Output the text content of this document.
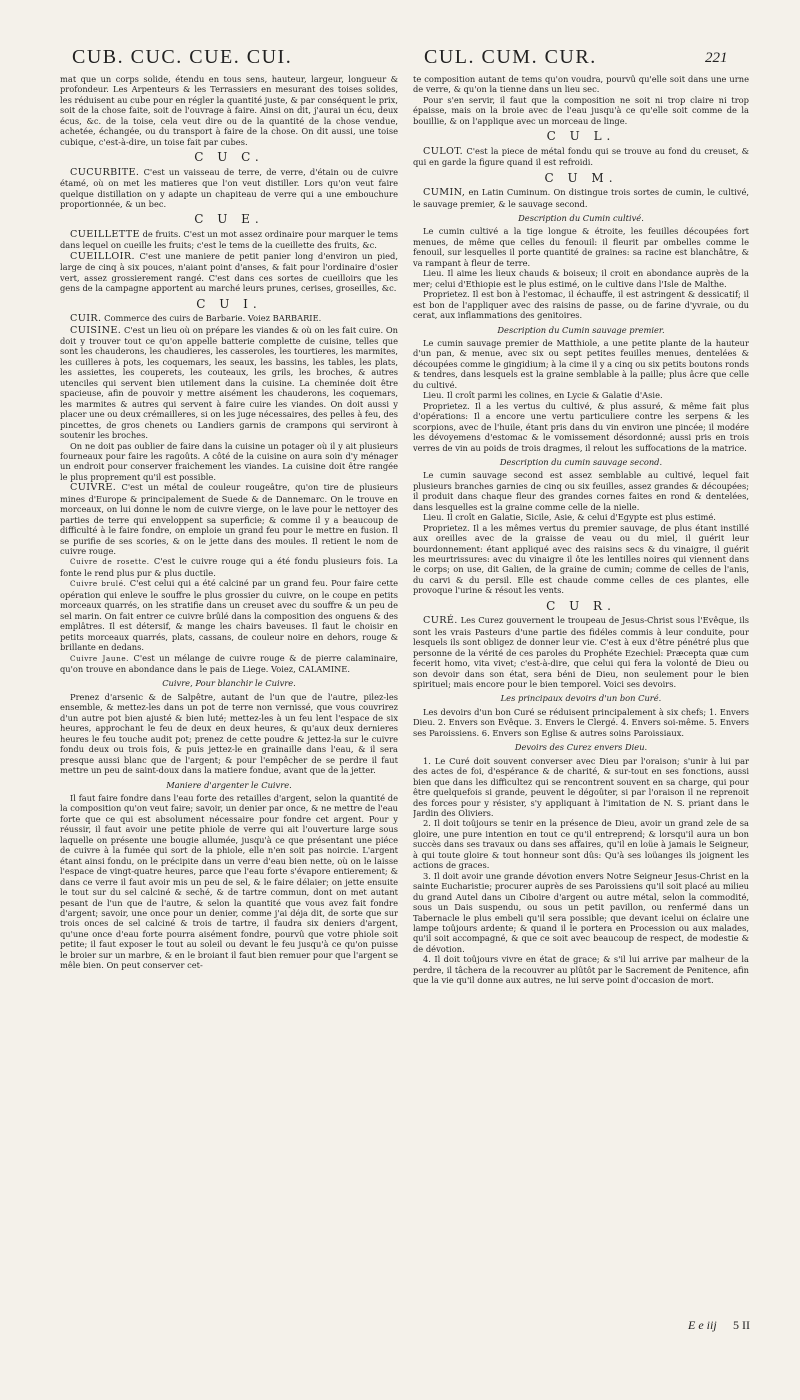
CUB. CUC. CUE. CUI.	CUL. CUM. CUR.	221

mat que un corps solide, étendu en tous sens, hauteur, largeur, longueur & profondeur. Les Arpenteurs & les Terrassiers en mesurant des toises solides, les réduisent au cube pour en régler la quantité juste, & par conséquent le prix, soit de la chose faite, soit de l'ouvrage à faire. Ainsi on dit, j'aurai un écu, deux écus, &c. de la toise, cela veut dire ou de la quantité de la chose vendue, achetée, échangée, ou du transport à faire de la chose. On dit aussi, une toise cubique, c'est-à-dire, un toise fait par cubes.

C U C.

CUCURBITE. C'est un vaisseau de terre, de verre, d'étain ou de cuivre étamé, où on met les matieres que l'on veut distiller. Lors qu'on veut faire quelque distillation on y adapte un chapiteau de verre qui a une embouchure proportionnée, & un bec.

C U E.

CUEILLETTE de fruits. C'est un mot assez ordinaire pour marquer le tems dans lequel on cueille les fruits; c'est le tems de la cueillette des fruits, &c.

CUEILLOIR. C'est une maniere de petit panier long d'environ un pied, large de cinq à six pouces, n'aiant point d'anses, & fait pour l'ordinaire d'osier vert, assez grossierement rangé. C'est dans ces sortes de cueilloirs que les gens de la campagne apportent au marché leurs prunes, cerises, groseilles, &c.

C U I.

CUIR. Commerce des cuirs de Barbarie. Voiez BARBARIE.

CUISINE. C'est un lieu où on prépare les viandes & où on les fait cuire. On doit y trouver tout ce qu'on appelle batterie complette de cuisine, telles que sont les chauderons, les chaudieres, les casseroles, les tourtieres, les marmites, les cuilleres à pots, les coquemars, les seaux, les bassins, les tables, les plats, les assiettes, les couperets, les couteaux, les grils, les broches, & autres utenciles qui servent bien utilement dans la cuisine. La cheminée doit être spacieuse, afin de pouvoir y mettre aisément les chauderons, les coquemars, les marmites & autres qui servent à faire cuire les viandes. On doit aussi y placer une ou deux crémailleres, si on les juge nécessaires, des pelles à feu, des pincettes, de gros chenets ou Landiers garnis de crampons qui serviront à soutenir les broches.

On ne doit pas oublier de faire dans la cuisine un potager où il y ait plusieurs fourneaux pour faire les ragoûts. A côté de la cuisine on aura soin d'y ménager un endroit pour conserver fraichement les viandes. La cuisine doit être rangée le plus proprement qu'il est possible.

CUIVRE. C'est un métal de couleur rougeâtre, qu'on tire de plusieurs mines d'Europe & principalement de Suede & de Dannemarc. On le trouve en morceaux, on lui donne le nom de cuivre vierge, on le lave pour le nettoyer des parties de terre qui enveloppent sa superficie; & comme il y a beaucoup de difficulté à le faire fondre, on emploie un grand feu pour le mettre en fusion. Il se purifie de ses scories, & on le jette dans des moules. Il retient le nom de cuivre rouge.

Cuivre de rosette. C'est le cuivre rouge qui a été fondu plusieurs fois. La fonte le rend plus pur & plus ductile.

Cuivre brulé. C'est celui qui a été calciné par un grand feu. Pour faire cette opération qui enleve le souffre le plus grossier du cuivre, on le coupe en petits morceaux quarrés, on les stratifie dans un creuset avec du souffre & un peu de sel marin. On fait entrer ce cuivre brûlé dans la composition des onguens & des emplâtres. Il est détersif, & mange les chairs baveuses. Il faut le choisir en petits morceaux quarrés, plats, cassans, de couleur noire en dehors, rouge & brillante en dedans.

Cuivre Jaune. C'est un mélange de cuivre rouge & de pierre calaminaire, qu'on trouve en abondance dans le pais de Liege. Voiez, CALAMINE.

Cuivre, Pour blanchir le Cuivre.

Prenez d'arsenic & de Salpêtre, autant de l'un que de l'autre, pilez-les ensemble, & mettez-les dans un pot de terre non vernissé, que vous couvrirez d'un autre pot bien ajusté & bien luté; mettez-les à un feu lent l'espace de six heures, approchant le feu de deux en deux heures, & qu'aux deux dernieres heures le feu touche audit pot; prenez de cette poudre & jettez-la sur le cuivre fondu deux ou trois fois, & puis jettez-le en grainaille dans l'eau, & il sera presque aussi blanc que de l'argent; & pour l'empêcher de se perdre il faut mettre un peu de saint-doux dans la matiere fondue, avant que de la jetter.

Maniere d'argenter le Cuivre.

Il faut faire fondre dans l'eau forte des retailles d'argent, selon la quantité de la composition qu'on veut faire; savoir, un denier par once, & ne mettre de l'eau forte que ce qui est absolument nécessaire pour fondre cet argent. Pour y réussir, il faut avoir une petite phiole de verre qui ait l'ouverture large sous laquelle on présente une bougie allumée, jusqu'à ce que présentant une piéce de cuivre à la fumée qui sort de la phiole, elle n'en soit pas noircie. L'argent étant ainsi fondu, on le précipite dans un verre d'eau bien nette, où on le laisse l'espace de vingt-quatre heures, parce que l'eau forte s'évapore entierement; & dans ce verre il faut avoir mis un peu de sel, & le faire délaier; on jette ensuite le tout sur du sel calciné & seché, & de tartre commun, dont on met autant pesant de l'un que de l'autre, & selon la quantité que vous avez fait fondre d'argent; savoir, une once pour un denier, comme j'ai déja dit, de sorte que sur trois onces de sel calciné & trois de tartre, il faudra six deniers d'argent, qu'une once d'eau forte pourra aisément fondre, pourvû que votre phiole soit petite; il faut exposer le tout au soleil ou devant le feu jusqu'à ce qu'on puisse le broier sur un marbre, & en le broiant il faut bien remuer pour que l'argent se mêle bien. On peut conserver cet-

te composition autant de tems qu'on voudra, pourvû qu'elle soit dans une urne de verre, & qu'on la tienne dans un lieu sec.

Pour s'en servir, il faut que la composition ne soit ni trop claire ni trop épaisse, mais on la broie avec de l'eau jusqu'à ce qu'elle soit comme de la bouillie, & on l'applique avec un morceau de linge.

C U L.

CULOT. C'est la piece de métal fondu qui se trouve au fond du creuset, & qui en garde la figure quand il est refroidi.

C U M.

CUMIN, en Latin Cuminum. On distingue trois sortes de cumin, le cultivé, le sauvage premier, & le sauvage second.

Description du Cumin cultivé.

Le cumin cultivé a la tige longue & étroite, les feuilles découpées fort menues, de même que celles du fenouil: il fleurit par ombelles comme le fenouil, sur lesquelles il porte quantité de graines: sa racine est blanchâtre, & va rampant à fleur de terre.

Lieu. Il aime les lieux chauds & boiseux; il croit en abondance auprès de la mer; celui d'Ethiopie est le plus estimé, on le cultive dans l'Isle de Malthe.

Proprietez. Il est bon à l'estomac, il échauffe, il est astringent & dessicatif; il est bon de l'appliquer avec des raisins de passe, ou de farine d'yvraie, ou du cerat, aux inflammations des genitoires.

Description du Cumin sauvage premier.

Le cumin sauvage premier de Matthiole, a une petite plante de la hauteur d'un pan, & menue, avec six ou sept petites feuilles menues, dentelées & découpées comme le gingidium; à la cime il y a cinq ou six petits boutons ronds & tendres, dans lesquels est la graine semblable à la paille; plus âcre que celle du cultivé.

Lieu. Il croît parmi les colines, en Lycie & Galatie d'Asie.

Proprietez. Il a les vertus du cultivé, & plus assuré, & même fait plus d'opérations: Il a encore une vertu particuliere contre les serpens & les scorpions, avec de l'huile, étant pris dans du vin environ une pincée; il modére les dévoyemens d'estomac & le vomissement désordonné; aussi pris en trois verres de vin au poids de trois dragmes, il relout les suffocations de la matrice.

Description du cumin sauvage second.

Le cumin sauvage second est assez semblable au cultivé, lequel fait plusieurs branches garnies de cinq ou six feuilles, assez grandes & découpées; il produit dans chaque fleur des grandes cornes faites en rond & dentelées, dans lesquelles est la graine comme celle de la nielle.

Lieu. Il croît en Galatie, Sicile, Asie, & celui d'Egypte est plus estimé.

Proprietez. Il a les mêmes vertus du premier sauvage, de plus étant instillé aux oreilles avec de la graisse de veau ou du miel, il guérit leur bourdonnement: étant appliqué avec des raisins secs & du vinaigre, il guérit les meurtrissures: avec du vinaigre il ôte les lentilles noires qui viennent dans le corps; on use, dit Galien, de la graine de cumin; comme de celles de l'anis, du carvi & du persil. Elle est chaude comme celles de ces plantes, elle provoque l'urine & résout les vents.

C U R.

CURÉ. Les Curez gouvernent le troupeau de Jesus-Christ sous l'Evêque, ils sont les vrais Pasteurs d'une partie des fidéles commis à leur conduite, pour lesquels ils sont obligez de donner leur vie. C'est à eux d'être pénétré plus que personne de la vérité de ces paroles du Prophéte Ezechiel: Præcepta quæ cum fecerit homo, vita vivet; c'est-à-dire, que celui qui fera la volonté de Dieu ou son devoir dans son état, sera béni de Dieu, non seulement pour le bien spirituel; mais encore pour le bien temporel. Voici ses devoirs.

Les principaux devoirs d'un bon Curé.

Les devoirs d'un bon Curé se réduisent principalement à six chefs; 1. Envers Dieu. 2. Envers son Evêque. 3. Envers le Clergé. 4. Envers soi-même. 5. Envers ses Paroissiens. 6. Envers son Eglise & autres soins Paroissiaux.

Devoirs des Curez envers Dieu.

1. Le Curé doit souvent converser avec Dieu par l'oraison; s'unir à lui par des actes de foi, d'espérance & de charité, & sur-tout en ses fonctions, aussi bien que dans les difficultez qui se rencontrent souvent en sa charge, qui pour être quelquefois si grande, peuvent le dégoûter, si par l'oraison il ne reprenoit des forces pour y résister, s'y appliquant à l'imitation de N. S. priant dans le Jardin des Oliviers.

2. Il doit toûjours se tenir en la présence de Dieu, avoir un grand zele de sa gloire, une pure intention en tout ce qu'il entreprend; & lorsqu'il aura un bon succès dans ses travaux ou dans ses affaires, qu'il en loüe à jamais le Seigneur, à qui toute gloire & tout honneur sont dûs: Qu'à ses loüanges ils joignent les actions de graces.

3. Il doit avoir une grande dévotion envers Notre Seigneur Jesus-Christ en la sainte Eucharistie; procurer auprès de ses Paroissiens qu'il soit placé au milieu du grand Autel dans un Ciboire d'argent ou autre métal, selon la commodité, sous un Dais suspendu, ou sous un petit pavillon, ou renfermé dans un Tabernacle le plus embeli qu'il sera possible; que devant icelui on éclaire une lampe toûjours ardente; & quand il le portera en Procession ou aux malades, qu'il soit accompagné, & que ce soit avec beaucoup de respect, de modestie & de dévotion.

4. Il doit toûjours vivre en état de grace; & s'il lui arrive par malheur de la perdre, il tâchera de la recouvrer au plûtôt par le Sacrement de Penitence, afin que la vie qu'il donne aux autres, ne lui serve point d'occasion de mort.

E e iij 5 II
